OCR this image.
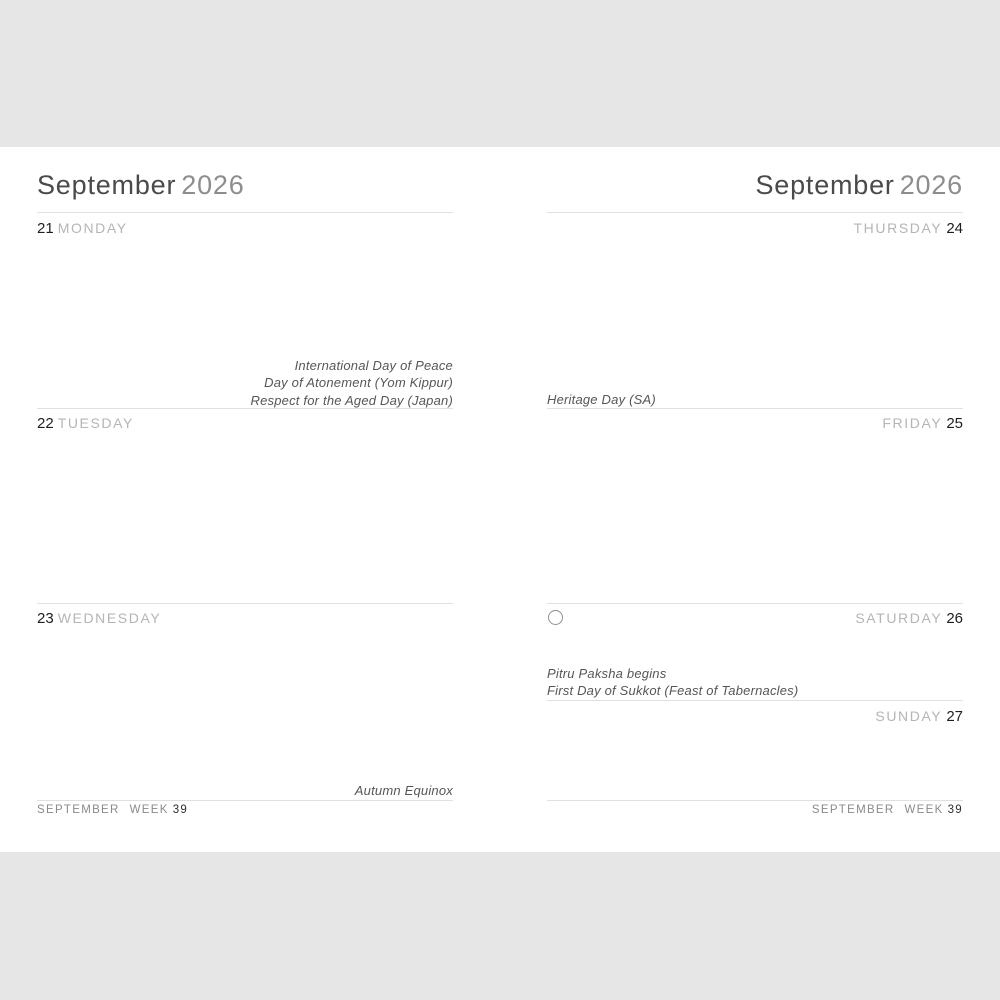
September 2026
21 MONDAY
International Day of Peace
Day of Atonement (Yom Kippur)
Respect for the Aged Day (Japan)
22 TUESDAY
23 WEDNESDAY
Autumn Equinox
SEPTEMBER WEEK 39
September 2026
THURSDAY 24
Heritage Day (SA)
FRIDAY 25
SATURDAY 26
Pitru Paksha begins
First Day of Sukkot (Feast of Tabernacles)
SUNDAY 27
SEPTEMBER WEEK 39
